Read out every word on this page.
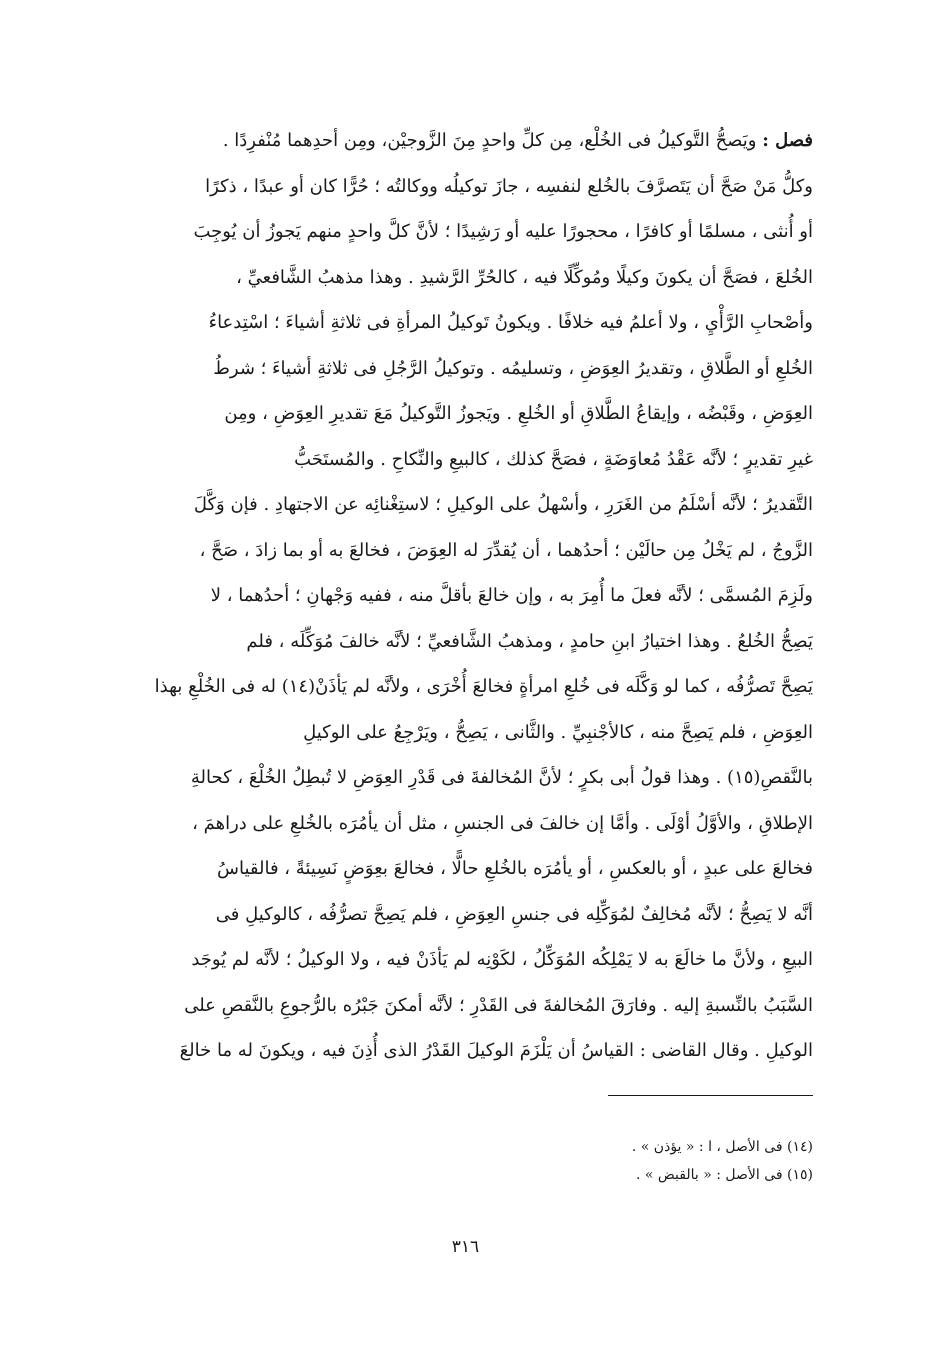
فصل : ويَصحُّ التَّوكيلُ فى الخُلْع، مِن كلِّ واحدٍ مِنَ الزَّوجيْن، ومِن أحدِهما مُنْفرِدًا .
وكلُّ مَنْ صَحَّ أن يَتَصرَّفَ بالخُلع لنفسِه ، جازَ توكيلُه ووكالتُه ؛ حُرًّا كان أو عبدًا ، ذكرًا
أو أُنثى ، مسلمًا أو كافرًا ، محجورًا عليه أو رَشِيدًا ؛ لأنَّ كلَّ واحدٍ منهم يَجوزُ أن يُوجِبَ
الخُلعَ ، فصَحَّ أن يكونَ وكيلًا ومُوكِّلًا فيه ، كالحُرِّ الرَّشيدِ . وهذا مذهبُ الشَّافعيِّ ،
وأصْحابِ الرَّأْيِ ، ولا أعلمُ فيه خلافًا . ويكونُ تَوكيلُ المرأةِ فى ثلاثةِ أشياءَ ؛ اسْتِدعاءُ
الخُلعِ أو الطَّلاقِ ، وتقديرُ العِوَضِ ، وتسليمُه . وتوكيلُ الرَّجُلِ فى ثلاثةِ أشياءَ ؛ شرطُ
العِوَضِ ، وقَبْضُه ، وإيقاعُ الطَّلاقِ أو الخُلعِ . ويَجوزُ التَّوكيلُ مَعَ تقديرِ العِوَضِ ، ومِن
غيرِ تقديرٍ ؛ لأنَّه عَقْدُ مُعاوَضَةٍ ، فصَحَّ كذلك ، كالبيعِ والنِّكاحِ . والمُستَحَبُّ
التَّقديرُ ؛ لأنَّه أسْلَمُ من الغَرَرِ ، وأسْهلُ على الوكيلِ ؛ لاستِغْنائِه عن الاجتهادِ . فإن وَكَّلَ
الزَّوجُ ، لم يَخْلُ مِن حالَيْن ؛ أحدُهما ، أن يُقدِّرَ له العِوَضَ ، فخالعَ به أو بما زادَ ، صَحَّ ،
ولَزِمَ المُسمَّى ؛ لأنَّه فعلَ ما أُمِرَ به ، وإن خالعَ بأقلَّ منه ، ففيه وَجْهانِ ؛ أحدُهما ، لا
يَصِحُّ الخُلعُ . وهذا اختيارُ ابنِ حامدٍ ، ومذهبُ الشَّافعيِّ ؛ لأنَّه خالفَ مُوَكِّلَه ، فلم
يَصِحَّ تَصرُّفُه ، كما لو وَكَّلَه فى خُلعِ امرأةٍ فخالعَ أُخْرَى ، ولأنَّه لم يَأذَنْ(١٤) له فى الخُلْعِ بهذا
العِوَضِ ، فلم يَصِحَّ منه ، كالأجْنبِيِّ . والثَّانى ، يَصِحُّ ، ويَرْجِعُ على الوكيلِ
بالنَّقصِ(١٥) . وهذا قولُ أبى بكرٍ ؛ لأنَّ المُخالفةَ فى قَدْرِ العِوَضِ لا تُبطِلُ الخُلْعَ ، كحالةِ
الإطلاقِ ، والأوَّلُ أوْلَى . وأمَّا إن خالفَ فى الجنسِ ، مثل أن يأمُرَه بالخُلعِ على دراهمَ ،
فخالعَ على عبدٍ ، أو بالعكسِ ، أو يأمُرَه بالخُلعِ حالًّا ، فخالعَ بعِوَضٍ نَسِيئةً ، فالقياسُ
أنَّه لا يَصِحُّ ؛ لأنَّه مُخالِفٌ لمُوَكِّلِه فى جنسِ العِوَضِ ، فلم يَصِحَّ تصرُّفُه ، كالوكيلِ فى
البيعِ ، ولأنَّ ما خالَعَ به لا يَمْلِكُه المُوَكِّلُ ، لكَوْنِه لم يَأذَنْ فيه ، ولا الوكيلُ ؛ لأنَّه لم يُوجَد
السَّبَبُ بالنِّسبةِ إليه . وفارَقَ المُخالفةَ فى القَدْرِ ؛ لأنَّه أمكنَ جَبْرُه بالرُّجوعِ بالنَّقصِ على
الوكيلِ . وقال القاضى : القياسُ أن يَلْزَمَ الوكيلَ القَدْرُ الذى أُذِنَ فيه ، ويكونَ له ما خالعَ
(١٤) فى الأصل ، ا : « يؤذن » .
(١٥) فى الأصل : « بالقبض » .
٣١٦
